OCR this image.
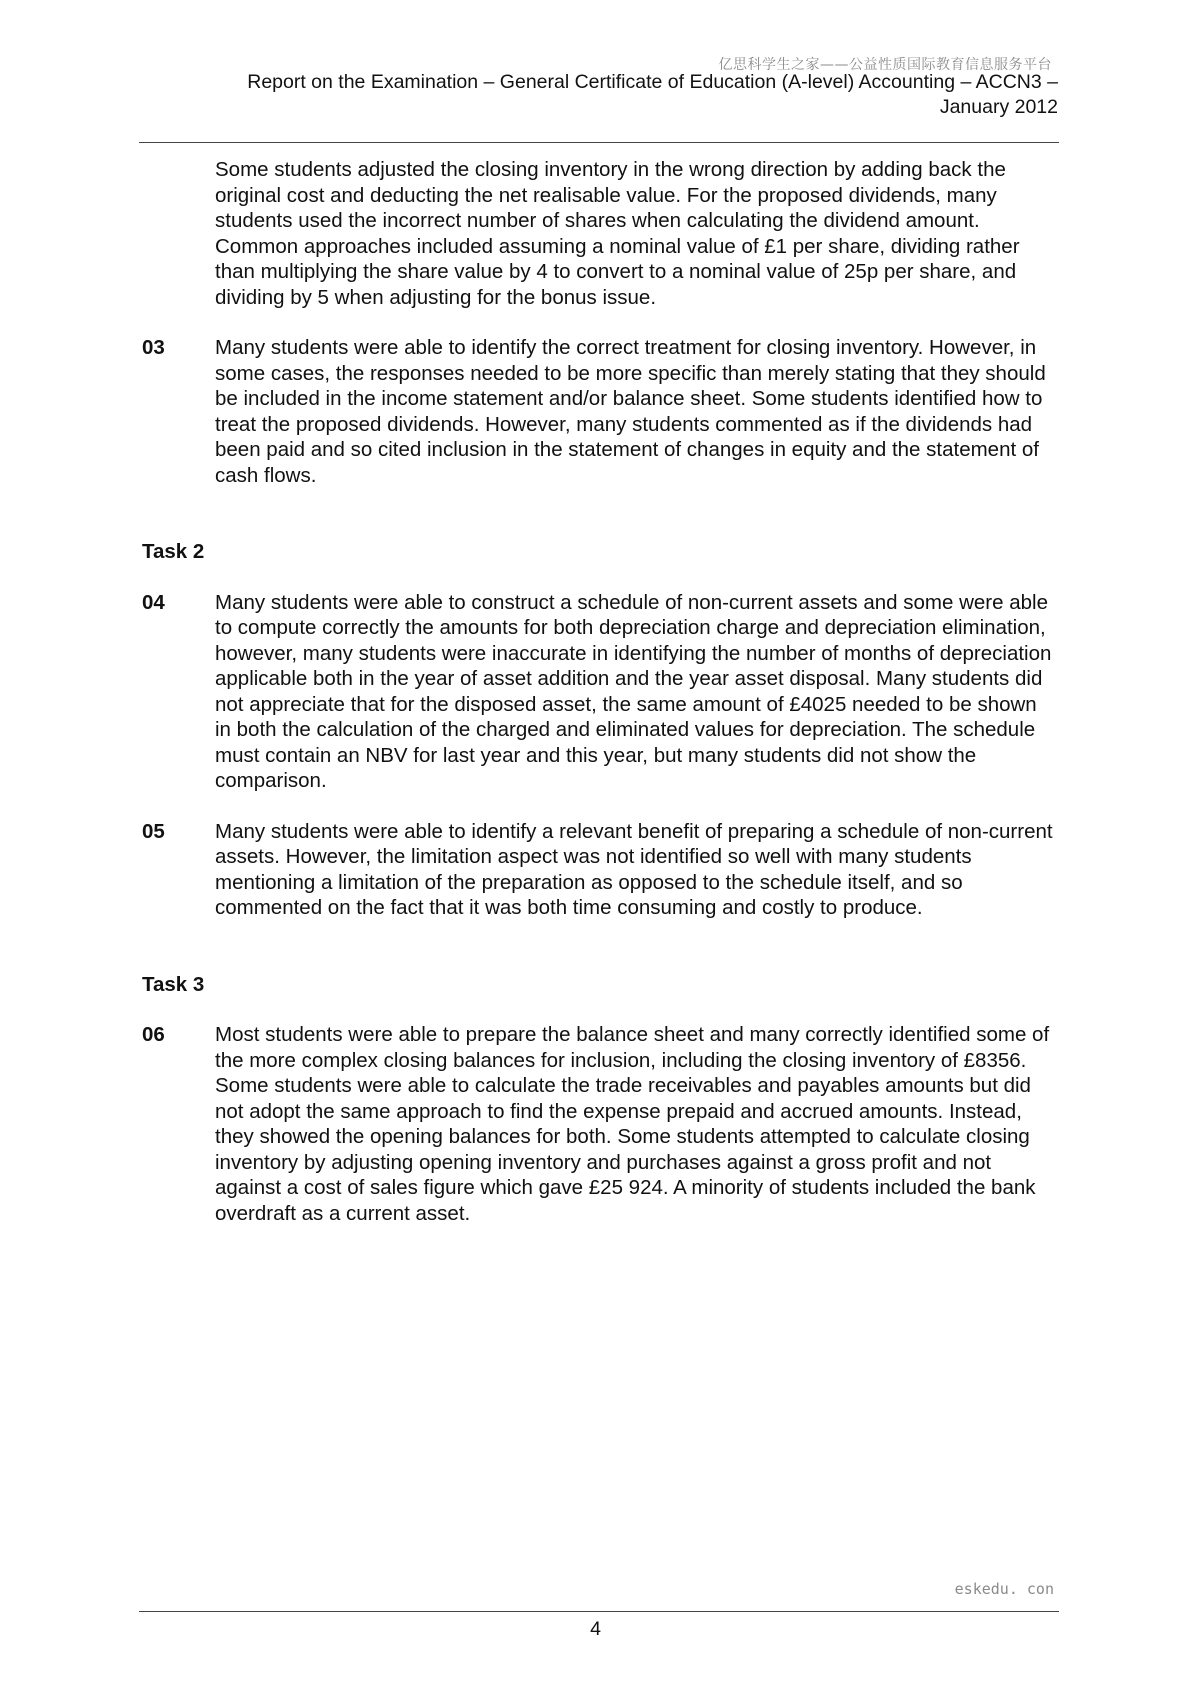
亿思科学生之家——公益性质国际教育信息服务平台
Report on the Examination – General Certificate of Education (A-level) Accounting – ACCN3 –
January 2012
Some students adjusted the closing inventory in the wrong direction by adding back the original cost and deducting the net realisable value. For the proposed dividends, many students used the incorrect number of shares when calculating the dividend amount. Common approaches included assuming a nominal value of £1 per share, dividing rather than multiplying the share value by 4 to convert to a nominal value of 25p per share, and dividing by 5 when adjusting for the bonus issue.
03	Many students were able to identify the correct treatment for closing inventory. However, in some cases, the responses needed to be more specific than merely stating that they should be included in the income statement and/or balance sheet. Some students identified how to treat the proposed dividends. However, many students commented as if the dividends had been paid and so cited inclusion in the statement of changes in equity and the statement of cash flows.
Task 2
04	Many students were able to construct a schedule of non-current assets and some were able to compute correctly the amounts for both depreciation charge and depreciation elimination, however, many students were inaccurate in identifying the number of months of depreciation applicable both in the year of asset addition and the year asset disposal. Many students did not appreciate that for the disposed asset, the same amount of £4025 needed to be shown in both the calculation of the charged and eliminated values for depreciation. The schedule must contain an NBV for last year and this year, but many students did not show the comparison.
05	Many students were able to identify a relevant benefit of preparing a schedule of non-current assets. However, the limitation aspect was not identified so well with many students mentioning a limitation of the preparation as opposed to the schedule itself, and so commented on the fact that it was both time consuming and costly to produce.
Task 3
06	Most students were able to prepare the balance sheet and many correctly identified some of the more complex closing balances for inclusion, including the closing inventory of £8356. Some students were able to calculate the trade receivables and payables amounts but did not adopt the same approach to find the expense prepaid and accrued amounts. Instead, they showed the opening balances for both. Some students attempted to calculate closing inventory by adjusting opening inventory and purchases against a gross profit and not against a cost of sales figure which gave £25 924. A minority of students included the bank overdraft as a current asset.
eskedu. con
4
